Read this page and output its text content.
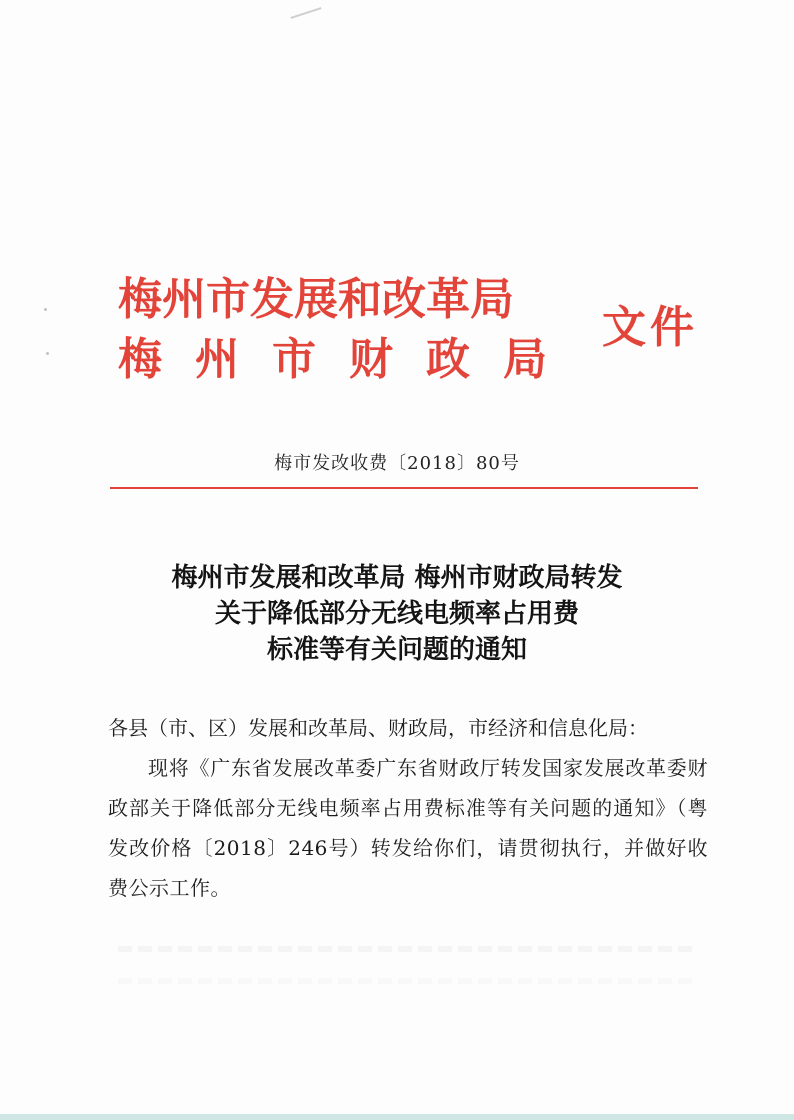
梅州市发展和改革局
梅州市财政局
文件
梅市发改收费〔2018〕80号
梅州市发展和改革局 梅州市财政局转发
关于降低部分无线电频率占用费
标准等有关问题的通知
各县（市、区）发展和改革局、财政局，市经济和信息化局：
现将《广东省发展改革委广东省财政厅转发国家发展改革委财政部关于降低部分无线电频率占用费标准等有关问题的通知》（粤发改价格〔2018〕246号）转发给你们，请贯彻执行，并做好收费公示工作。
